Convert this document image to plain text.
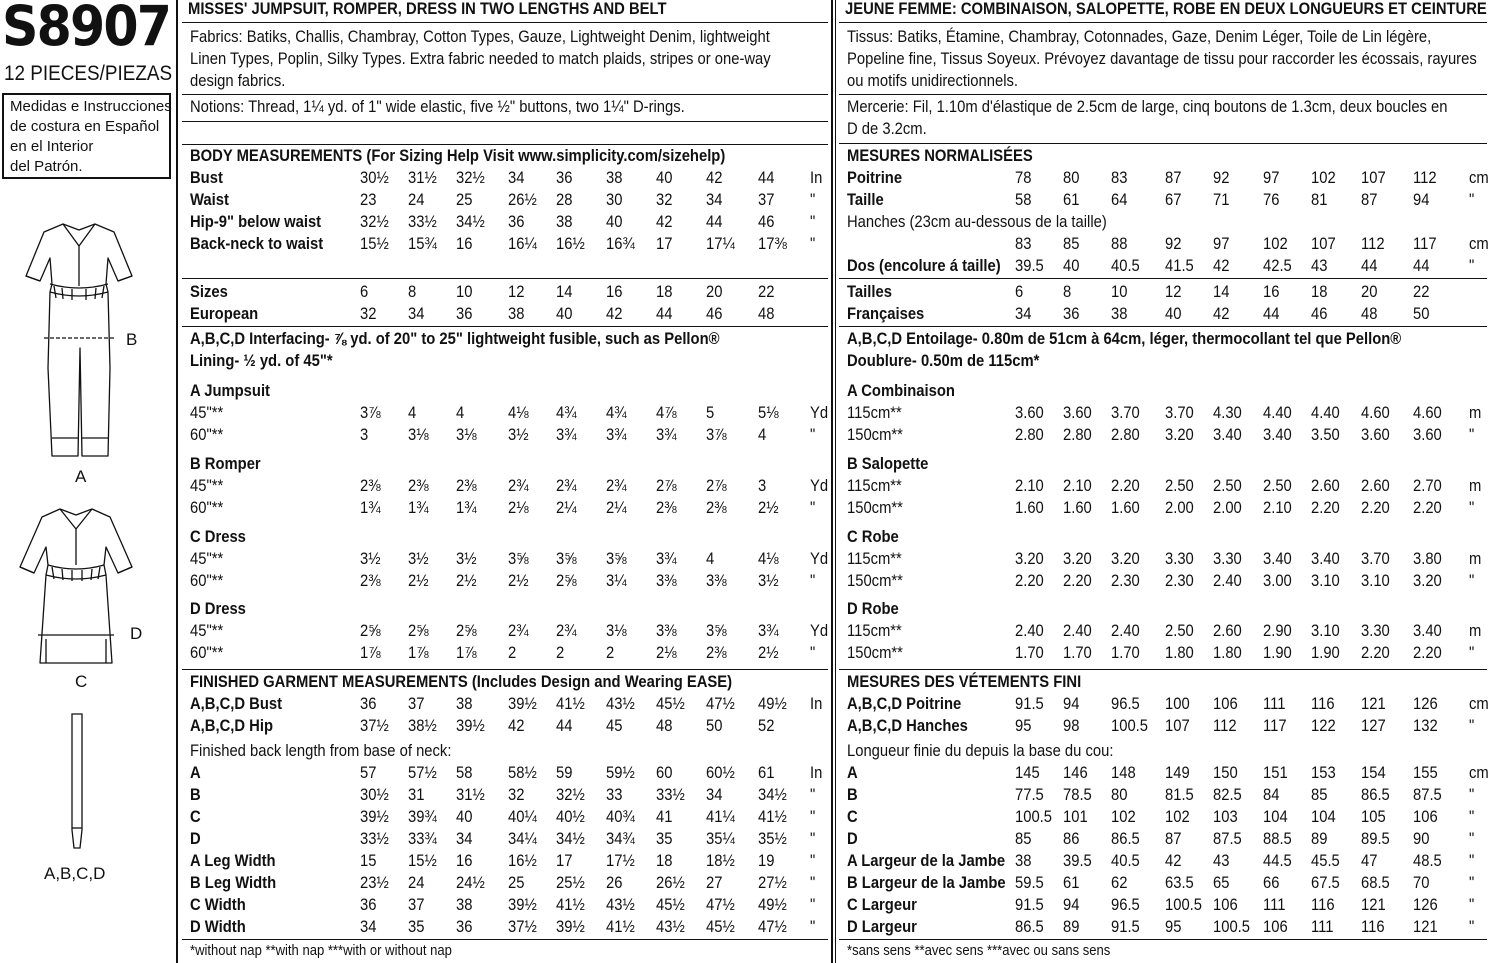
S8907
12 PIECES/PIEZAS
Medidas e Instrucciones
de costura en Español
en el Interior
del Patrón.
B
A
D
C
A,B,C,D
MISSES' JUMPSUIT, ROMPER, DRESS IN TWO LENGTHS AND BELT
Fabrics: Batiks, Challis, Chambray, Cotton Types, Gauze, Lightweight Denim, lightweight
Linen Types, Poplin, Silky Types. Extra fabric needed to match plaids, stripes or one-way
design fabrics.
Notions: Thread, 1¼ yd. of 1" wide elastic, five ½" buttons, two 1¼" D-rings.
BODY MEASUREMENTS (For Sizing Help Visit www.simplicity.com/sizehelp)
Bust	30½ 31½ 32½ 34 36 38 40 42 44 In
Waist	23 24 25 26½ 28 30 32 34 37 "
Hip-9" below waist 32½ 33½ 34½ 36 38 40 42 44 46 "
Back-neck to waist 15½ 15¾ 16 16¼ 16½ 16¾ 17 17¼ 17⅜ "
Sizes	6 8 10 12 14 16 18 20 22
European	32 34 36 38 40 42 44 46 48
A,B,C,D Interfacing- ⅞ yd. of 20" to 25" lightweight fusible, such as Pellon®
Lining- ½ yd. of 45"*
A Jumpsuit
45"**	3⅞ 4 4	4⅛ 4¾ 4¾ 4⅞ 5	5⅛ Yd
60"**	3 3⅛ 3⅛ 3½ 3¾ 3¾ 3¾ 3⅞ 4	"
B Romper
45"**	2⅜ 2⅜ 2⅜ 2¾ 2¾ 2¾ 2⅞ 2⅞ 3	Yd
60"**	1¾ 1¾ 1¾ 2⅛ 2¼ 2¼ 2⅜ 2⅜ 2½ "
C Dress
45"**	3½ 3½ 3½ 3⅝ 3⅝ 3⅝ 3¾ 4	4⅛ Yd
60"**	2⅜ 2½ 2½ 2½ 2⅝ 3¼ 3⅜ 3⅜ 3½ "
D Dress
45"**	2⅝ 2⅝ 2⅝ 2¾ 2¾ 3⅛ 3⅜ 3⅝ 3¾ Yd
60"**	1⅞ 1⅞ 1⅞ 2 2 2 2⅛ 2⅜ 2½ "
FINISHED GARMENT MEASUREMENTS (Includes Design and Wearing EASE)
A,B,C,D Bust	36 37 38 39½ 41½ 43½ 45½ 47½ 49½ In
A,B,C,D Hip	37½ 38½ 39½ 42 44 45 48 50 52
Finished back length from base of neck:
A	57 57½ 58 58½ 59 59½ 60 60½ 61 In
B	30½ 31 31½ 32 32½ 33 33½ 34 34½ "
C	39½ 39¾ 40 40¼ 40½ 40¾ 41 41¼ 41½ "
D	33½ 33¾ 34 34¼ 34½ 34¾ 35 35¼ 35½ "
A Leg Width	15 15½ 16 16½ 17 17½ 18 18½ 19 "
B Leg Width	23½ 24 24½ 25 25½ 26 26½ 27 27½ "
C Width	36 37 38 39½ 41½ 43½ 45½ 47½ 49½ "
D Width	34 35 36 37½ 39½ 41½ 43½ 45½ 47½ "
*without nap **with nap ***with or without nap
JEUNE FEMME: COMBINAISON, SALOPETTE, ROBE EN DEUX LONGUEURS ET CEINTURE
Tissus: Batiks, Étamine, Chambray, Cotonnades, Gaze, Denim Léger, Toile de Lin légère,
Popeline fine, Tissus Soyeux. Prévoyez davantage de tissu pour raccorder les écossais, rayures
ou motifs unidirectionnels.
Mercerie: Fil, 1.10m d'élastique de 2.5cm de large, cinq boutons de 1.3cm, deux boucles en
D de 3.2cm.
MESURES NORMALISÉES
Poitrine	78 80 83 87 92 97 102 107 112 cm
Taille	58 61 64 67 71 76 81 87 94 "
Hanches (23cm au-dessous de la taille)
83 85 88 92 97 102 107 112 117 cm
Dos (encolure á taille) 39.5 40 40.5 41.5 42 42.5 43 44 44 "
Tailles	6 8 10 12 14 16 18 20 22
Françaises	34 36 38 40 42 44 46 48 50
A,B,C,D Entoilage- 0.80m de 51cm à 64cm, léger, thermocollant tel que Pellon®
Doublure- 0.50m de 115cm*
A Combinaison
115cm**	3.60 3.60 3.70 3.70 4.30 4.40 4.40 4.60 4.60 m
150cm**	2.80 2.80 2.80 3.20 3.40 3.40 3.50 3.60 3.60 "
B Salopette
115cm**	2.10 2.10 2.20 2.50 2.50 2.50 2.60 2.60 2.70 m
150cm**	1.60 1.60 1.60 2.00 2.00 2.10 2.20 2.20 2.20 "
C Robe
115cm**	3.20 3.20 3.20 3.30 3.30 3.40 3.40 3.70 3.80 m
150cm**	2.20 2.20 2.30 2.30 2.40 3.00 3.10 3.10 3.20 "
D Robe
115cm**	2.40 2.40 2.40 2.50 2.60 2.90 3.10 3.30 3.40 m
150cm**	1.70 1.70 1.70 1.80 1.80 1.90 1.90 2.20 2.20 "
MESURES DES VÉTEMENTS FINI
A,B,C,D Poitrine	91.5 94 96.5 100 106 111 116 121 126 cm
A,B,C,D Hanches	95 98 100.5 107 112 117 122 127 132 "
Longueur finie du depuis la base du cou:
A	145 146 148 149 150 151 153 154 155 cm
B	77.5 78.5 80 81.5 82.5 84 85 86.5 87.5 "
C	100.5 101 102 102 103 104 104 105 106 "
D	85 86 86.5 87 87.5 88.5 89 89.5 90 "
A Largeur de la Jambe 38 39.5 40.5 42 43 44.5 45.5 47 48.5 "
B Largeur de la Jambe 59.5 61 62 63.5 65 66 67.5 68.5 70 "
C Largeur	91.5 94 96.5 100.5 106 111 116 121 126 "
D Largeur	86.5 89 91.5 95 100.5 106 111 116 121 "
*sans sens **avec sens ***avec ou sans sens
